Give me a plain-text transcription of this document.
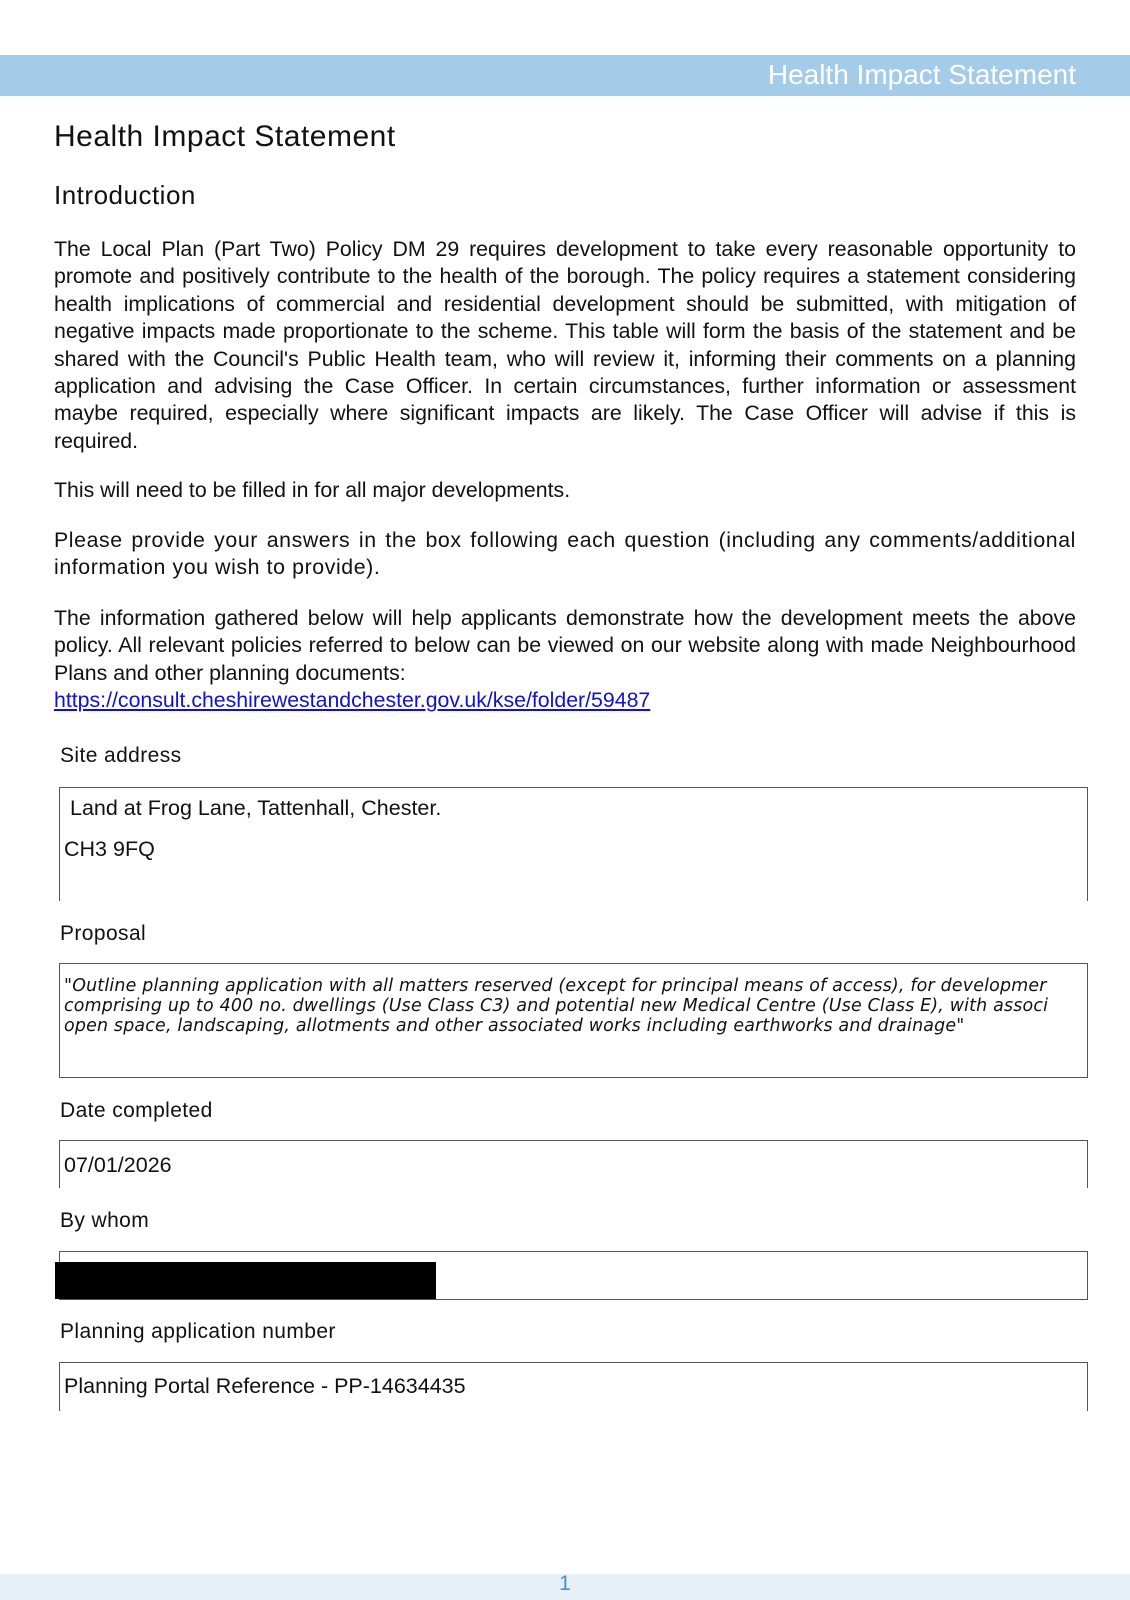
Health Impact Statement
Health Impact Statement
Introduction

The Local Plan (Part Two) Policy DM 29 requires development to take every reasonable opportunity to promote and positively contribute to the health of the borough. The policy requires a statement considering health implications of commercial and residential development should be submitted, with mitigation of negative impacts made proportionate to the scheme. This table will form the basis of the statement and be shared with the Council's Public Health team, who will review it, informing their comments on a planning application and advising the Case Officer. In certain circumstances, further information or assessment maybe required, especially where significant impacts are likely. The Case Officer will advise if this is required.

This will need to be filled in for all major developments.

Please provide your answers in the box following each question (including any comments/additional information you wish to provide).

The information gathered below will help applicants demonstrate how the development meets the above policy. All relevant policies referred to below can be viewed on our website along with made Neighbourhood Plans and other planning documents:
https://consult.cheshirewestandchester.gov.uk/kse/folder/59487

Site address
Land at Frog Lane, Tattenhall, Chester.
CH3 9FQ
Proposal
"Outline planning application with all matters reserved (except for principal means of access), for developmer
comprising up to 400 no. dwellings (Use Class C3) and potential new Medical Centre (Use Class E), with associ
open space, landscaping, allotments and other associated works including earthworks and drainage"
Date completed
07/01/2026
By whom
Planning application number
Planning Portal Reference - PP-14634435
1
